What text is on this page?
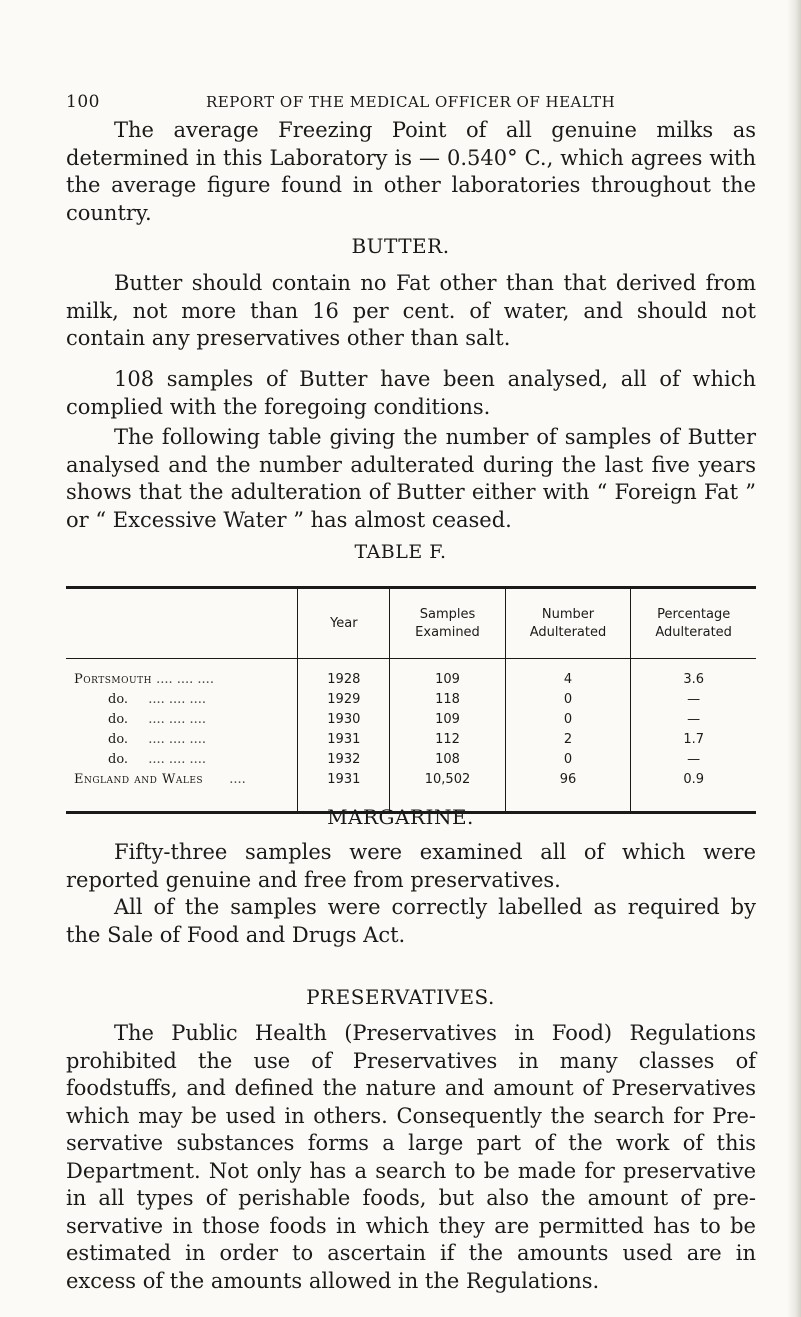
100	REPORT OF THE MEDICAL OFFICER OF HEALTH

The average Freezing Point of all genuine milks as determined in this Laboratory is — 0.540° C., which agrees with the average figure found in other laboratories throughout the country.

BUTTER.

Butter should contain no Fat other than that derived from milk, not more than 16 per cent. of water, and should not contain any preservatives other than salt.

108 samples of Butter have been analysed, all of which complied with the foregoing conditions.

The following table giving the number of samples of Butter analysed and the number adulterated during the last five years shows that the adulteration of Butter either with “ Foreign Fat ” or “ Excessive Water ” has almost ceased.

TABLE F.
	Year	Samples Examined	Number Adulterated	Percentage Adulterated
Portsmouth .... .... ....	1928	109	4	3.6
do. .... .... ....	1929	118	0	—
do. .... .... ....	1930	109	0	—
do. .... .... ....	1931	112	2	1.7
do. .... .... ....	1932	108	0	—
England and Wales ....	1931	10,502	96	0.9
MARGARINE.

Fifty-three samples were examined all of which were reported genuine and free from preservatives.

All of the samples were correctly labelled as required by the Sale of Food and Drugs Act.

PRESERVATIVES.

The Public Health (Preservatives in Food) Regulations prohibited the use of Preservatives in many classes of foodstuffs, and defined the nature and amount of Preservatives which may be used in others. Consequently the search for Pre- servative substances forms a large part of the work of this Department. Not only has a search to be made for preservative in all types of perishable foods, but also the amount of pre- servative in those foods in which they are permitted has to be estimated in order to ascertain if the amounts used are in excess of the amounts allowed in the Regulations.
